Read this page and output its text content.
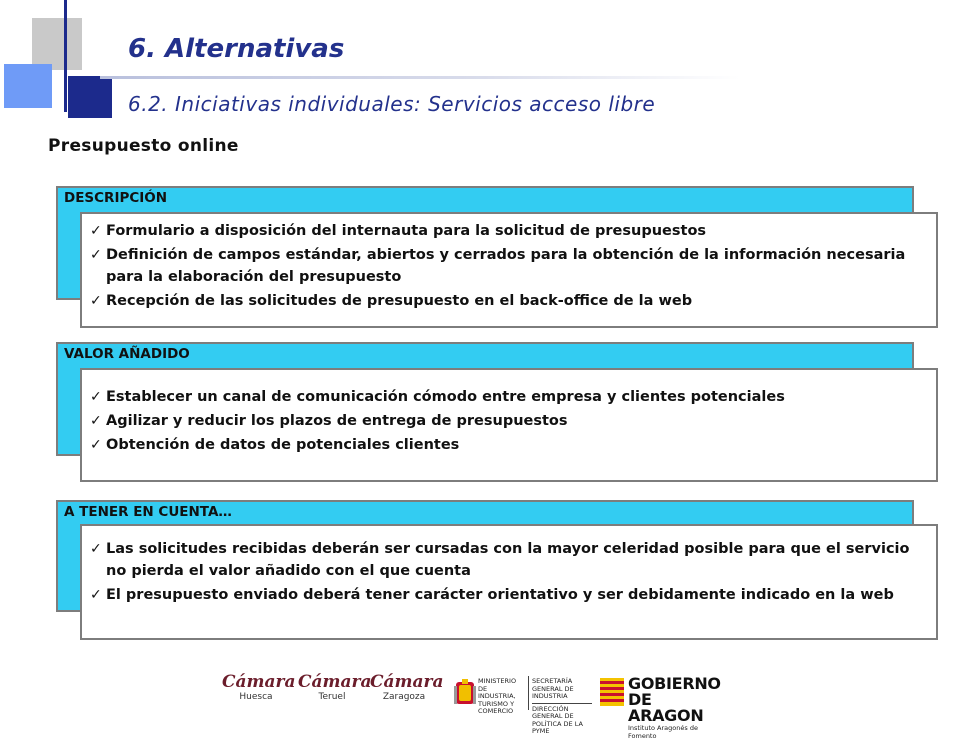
6. Alternativas
6.2. Iniciativas individuales: Servicios acceso libre
Presupuesto online
DESCRIPCIÓN
✓ Formulario a disposición del internauta para la solicitud de presupuestos
✓ Definición de campos estándar, abiertos y cerrados para la obtención de la información necesaria para la elaboración del presupuesto
✓ Recepción de las solicitudes de presupuesto en el back-office de la web
VALOR AÑADIDO
✓ Establecer un canal de comunicación cómodo entre empresa y clientes potenciales
✓ Agilizar y reducir los plazos de entrega de presupuestos
✓ Obtención de datos de potenciales clientes
A TENER EN CUENTA…
✓ Las solicitudes recibidas deberán ser cursadas con la mayor celeridad posible para que el servicio no pierda el valor añadido con el que cuenta
✓ El presupuesto enviado deberá tener carácter orientativo y ser debidamente indicado en la web
Cámara
Huesca
Cámara
Teruel
Cámara
Zaragoza
MINISTERIO
DE INDUSTRIA,
TURISMO Y
COMERCIO
SECRETARÍA GENERAL DE
INDUSTRIA
DIRECCIÓN GENERAL DE
POLÍTICA DE LA PYME
GOBIERNO
DE ARAGON
Instituto Aragonés de Fomento
